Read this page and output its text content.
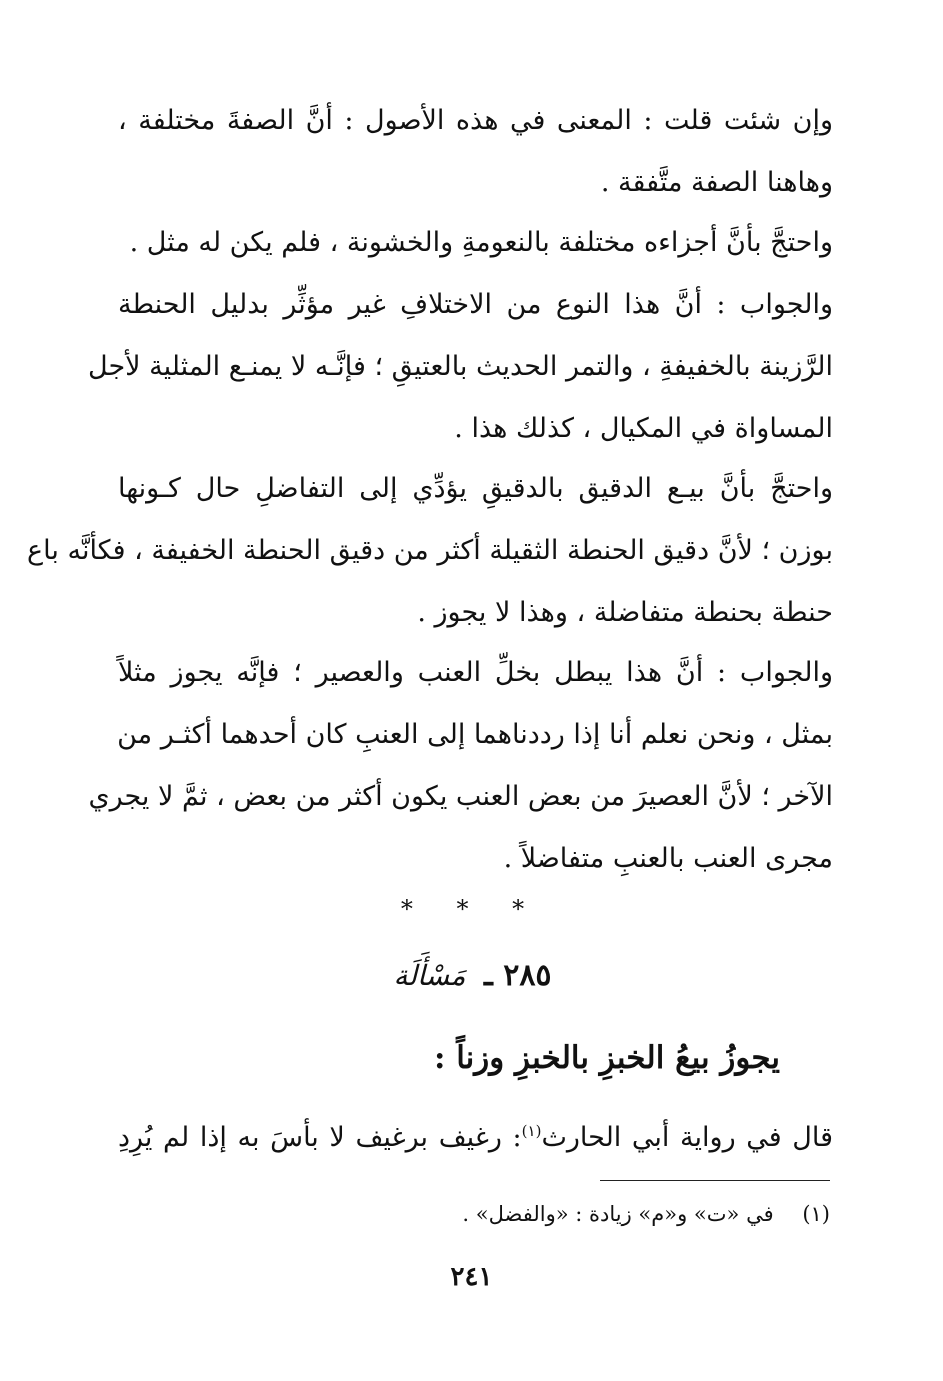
وإن شئت قلت : المعنى في هذه الأصول : أنَّ الصفةَ مختلفة ،
وهاهنا الصفة متَّفقة .
واحتجَّ بأنَّ أجزاءه مختلفة بالنعومةِ والخشونة ، فلم يكن له مثل .
والجواب : أنَّ هذا النوع من الاختلافِ غير مؤثِّر بدليل الحنطة
الرَّزينة بالخفيفةِ ، والتمر الحديث بالعتيقِ ؛ فإنَّـه لا يمنـع المثلية لأجل
المساواة في المكيال ، كذلك هذا .
واحتجَّ بأنَّ بيـع الدقيق بالدقيقِ يؤدِّي إلى التفاضلِ حال كـونها
بوزن ؛ لأنَّ دقيق الحنطة الثقيلة أكثر من دقيق الحنطة الخفيفة ، فكأنَّه باع
حنطة بحنطة متفاضلة ، وهذا لا يجوز .
والجواب : أنَّ هذا يبطل بخلِّ العنب والعصير ؛ فإنَّه يجوز مثلاً
بمثل ، ونحن نعلم أنا إذا رددناهما إلى العنبِ كان أحدهما أكثـر من
الآخر ؛ لأنَّ العصيرَ من بعض العنب يكون أكثر من بعض ، ثمَّ لا يجري
مجرى العنب بالعنبِ متفاضلاً .
* * *
٢٨٥ ـ مَسْأَلَة
يجوزُ بيعُ الخبزِ بالخبزِ وزناً :
قال في رواية أبي الحارث$^{(١)}$: رغيف برغيف لا بأسَ به إذا لم يُرِدِ
(١) في «ت» و«م» زيادة : «والفضل» .
٢٤١
